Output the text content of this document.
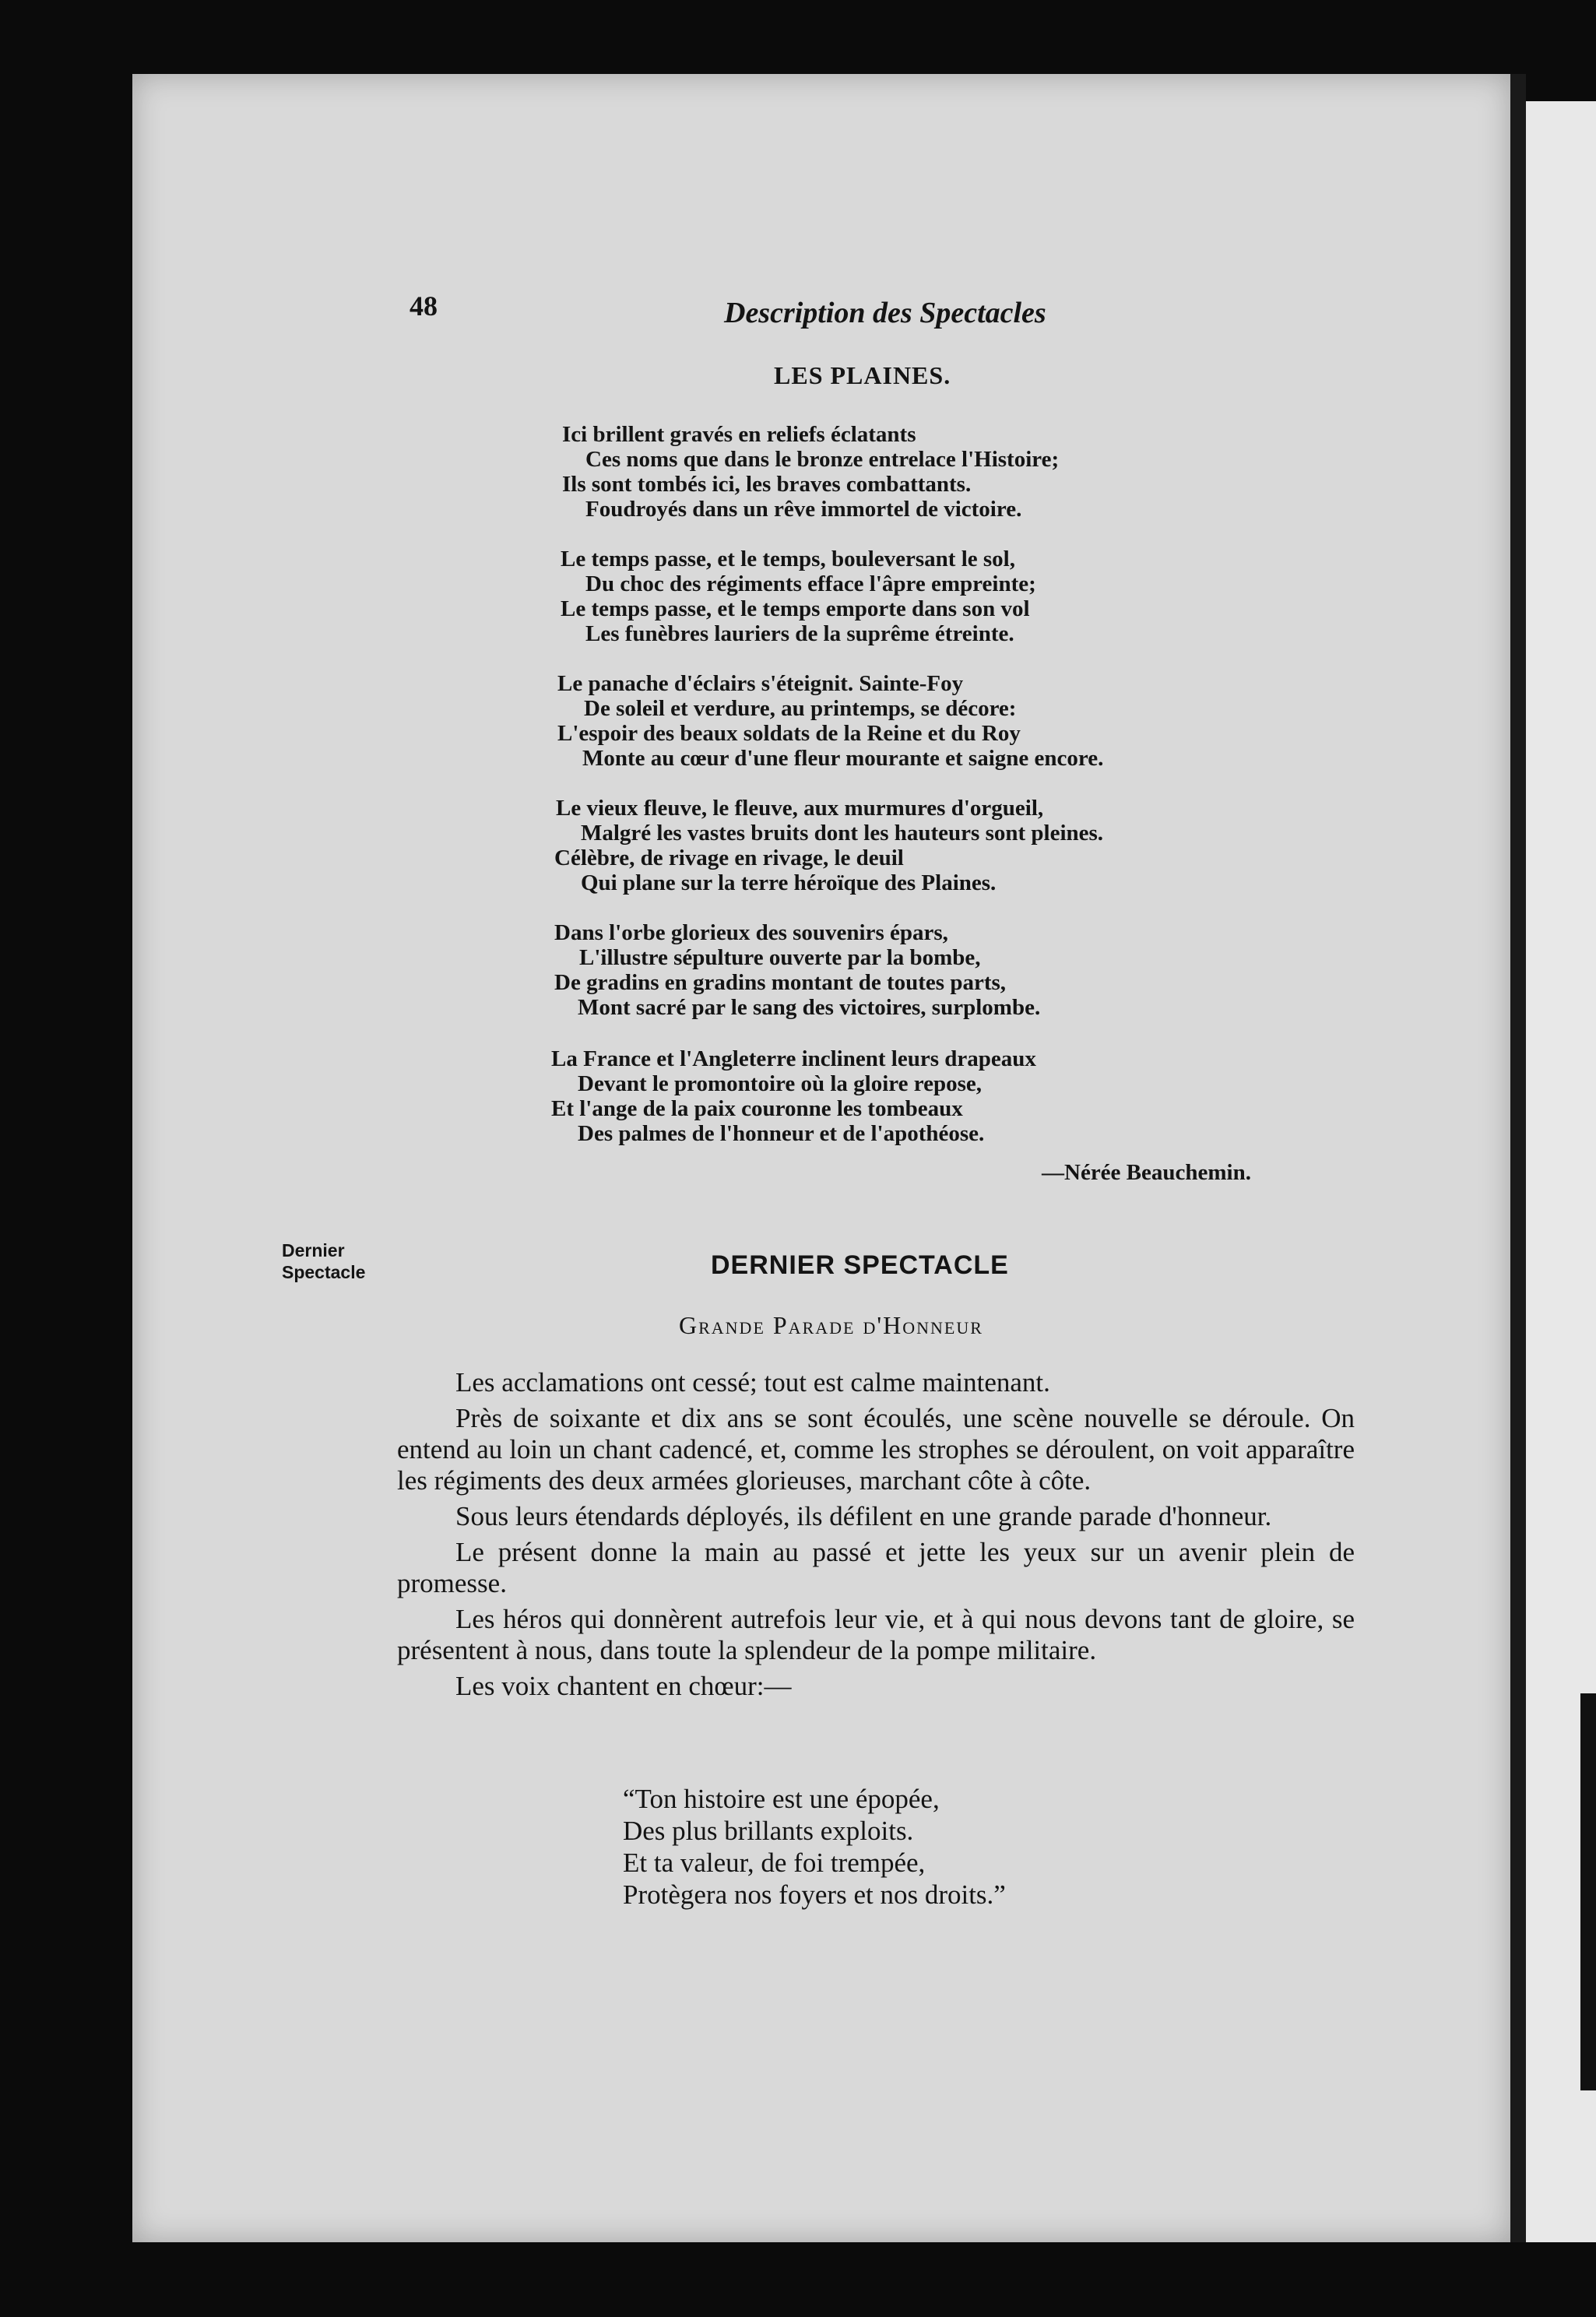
48	Description des Spectacles
LES PLAINES.
Ici brillent gravés en reliefs éclatants
Ces noms que dans le bronze entrelace l'Histoire;
Ils sont tombés ici, les braves combattants.
Foudroyés dans un rêve immortel de victoire.
Le temps passe, et le temps, bouleversant le sol,
Du choc des régiments efface l'âpre empreinte;
Le temps passe, et le temps emporte dans son vol
Les funèbres lauriers de la suprême étreinte.
Le panache d'éclairs s'éteignit. Sainte-Foy
De soleil et verdure, au printemps, se décore:
L'espoir des beaux soldats de la Reine et du Roy
Monte au cœur d'une fleur mourante et saigne encore.
Le vieux fleuve, le fleuve, aux murmures d'orgueil,
Malgré les vastes bruits dont les hauteurs sont pleines.
Célèbre, de rivage en rivage, le deuil
Qui plane sur la terre héroïque des Plaines.
Dans l'orbe glorieux des souvenirs épars,
L'illustre sépulture ouverte par la bombe,
De gradins en gradins montant de toutes parts,
Mont sacré par le sang des victoires, surplombe.
La France et l'Angleterre inclinent leurs drapeaux
Devant le promontoire où la gloire repose,
Et l'ange de la paix couronne les tombeaux
Des palmes de l'honneur et de l'apothéose.
—Nérée Beauchemin.
Dernier
Spectacle	DERNIER SPECTACLE
Grande Parade d'Honneur

Les acclamations ont cessé; tout est calme maintenant.

Près de soixante et dix ans se sont écoulés, une scène nouvelle se déroule. On entend au loin un chant cadencé, et, comme les strophes se déroulent, on voit apparaître les régiments des deux armées glorieuses, marchant côte à côte.

Sous leurs étendards déployés, ils défilent en une grande parade d'honneur.

Le présent donne la main au passé et jette les yeux sur un avenir plein de promesse.

Les héros qui donnèrent autrefois leur vie, et à qui nous devons tant de gloire, se présentent à nous, dans toute la splendeur de la pompe militaire.

Les voix chantent en chœur:—

“Ton histoire est une épopée,
Des plus brillants exploits.
Et ta valeur, de foi trempée,
Protègera nos foyers et nos droits.”
